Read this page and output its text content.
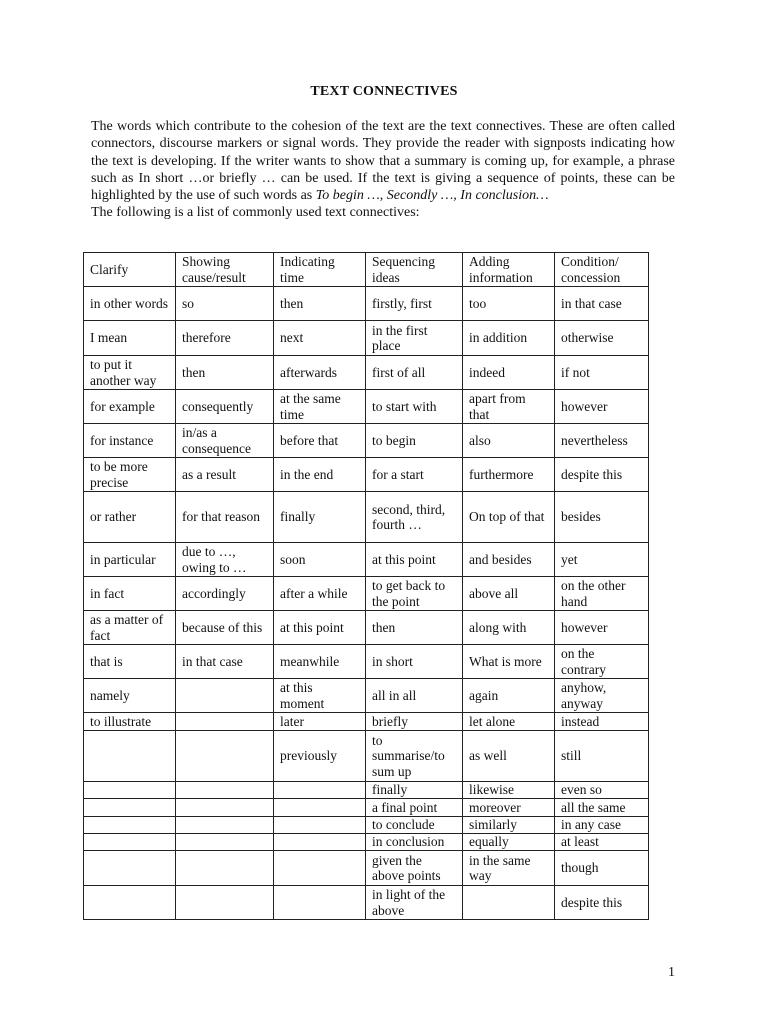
TEXT CONNECTIVES

The words which contribute to the cohesion of the text are the text connectives. These are often called connectors, discourse markers or signal words. They provide the reader with signposts indicating how the text is developing. If the writer wants to show that a summary is coming up, for example, a phrase such as In short …or briefly … can be used. If the text is giving a sequence of points, these can be highlighted by the use of such words as To begin …, Secondly …, In conclusion…

The following is a list of commonly used text connectives:

Clarify	Showing cause/result	Indicating time	Sequencing ideas	Adding information	Condition/ concession
in other words	so	then	firstly, first	too	in that case
I mean	therefore	next	in the first place	in addition	otherwise
to put it another way	then	afterwards	first of all	indeed	if not
for example	consequently	at the same time	to start with	apart from that	however
for instance	in/as a consequence	before that	to begin	also	nevertheless
to be more precise	as a result	in the end	for a start	furthermore	despite this
or rather	for that reason	finally	second, third, fourth …	On top of that	besides
in particular	due to …, owing to …	soon	at this point	and besides	yet
in fact	accordingly	after a while	to get back to the point	above all	on the other hand
as a matter of fact	because of this	at this point	then	along with	however
that is	in that case	meanwhile	in short	What is more	on the contrary
namely		at this moment	all in all	again	anyhow, anyway
to illustrate		later	briefly	let alone	instead
		previously	to summarise/to sum up	as well	still
			finally	likewise	even so
			a final point	moreover	all the same
			to conclude	similarly	in any case
			in conclusion	equally	at least
			given the above points	in the same way	though
			in light of the above		despite this
1
